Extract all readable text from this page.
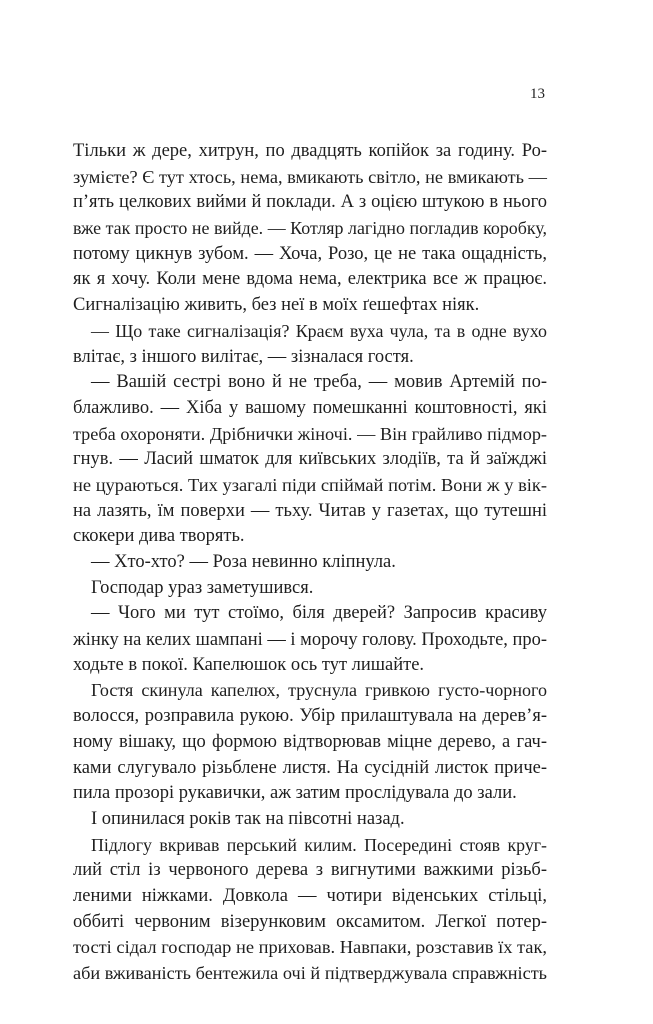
13
Тільки ж дере, хитрун, по двадцять копійок за годину. Ро-
зумієте? Є тут хтось, нема, вмикають світло, не вмикають —
п’ять целкових вийми й поклади. А з оцією штукою в нього
вже так просто не вийде. — Котляр лагідно погладив коробку,
потому цикнув зубом. — Хоча, Розо, це не така ощадність,
як я хочу. Коли мене вдома нема, електрика все ж працює.
Сигналізацію живить, без неї в моїх ґешефтах ніяк.
— Що таке сигналізація? Краєм вуха чула, та в одне вухо
влітає, з іншого вилітає, — зізналася гостя.
— Вашій сестрі воно й не треба, — мовив Артемій по-
блажливо. — Хіба у вашому помешканні коштовності, які
треба охороняти. Дрібнички жіночі. — Він грайливо підмор-
гнув. — Ласий шматок для київських злодіїв, та й заїжджі
не цураються. Тих узагалі піди спіймай потім. Вони ж у вік-
на лазять, їм поверхи — тьху. Читав у газетах, що тутешні
скокери дива творять.
— Хто-хто? — Роза невинно кліпнула.
Господар ураз заметушився.
— Чого ми тут стоїмо, біля дверей? Запросив красиву
жінку на келих шампані — і морочу голову. Проходьте, про-
ходьте в покої. Капелюшок ось тут лишайте.
Гостя скинула капелюх, труснула гривкою густо-чорного
волосся, розправила рукою. Убір прилаштувала на дерев’я-
ному вішаку, що формою відтворював міцне дерево, а гач-
ками слугувало різьблене листя. На сусідній листок причe-
пила прозорі рукавички, аж затим прослідувала до зали.
І опинилася років так на півсотні назад.
Підлогу вкривав перський килим. Посередині стояв круг-
лий стіл із червоного дерева з вигнутими важкими різьб-
леними ніжками. Довкола — чотири віденських стільці,
оббиті червоним візерунковим оксамитом. Легкої потер-
тості сідал господар не приховав. Навпаки, розставив їх так,
аби вживаність бентежила очі й підтверджувала справжність
